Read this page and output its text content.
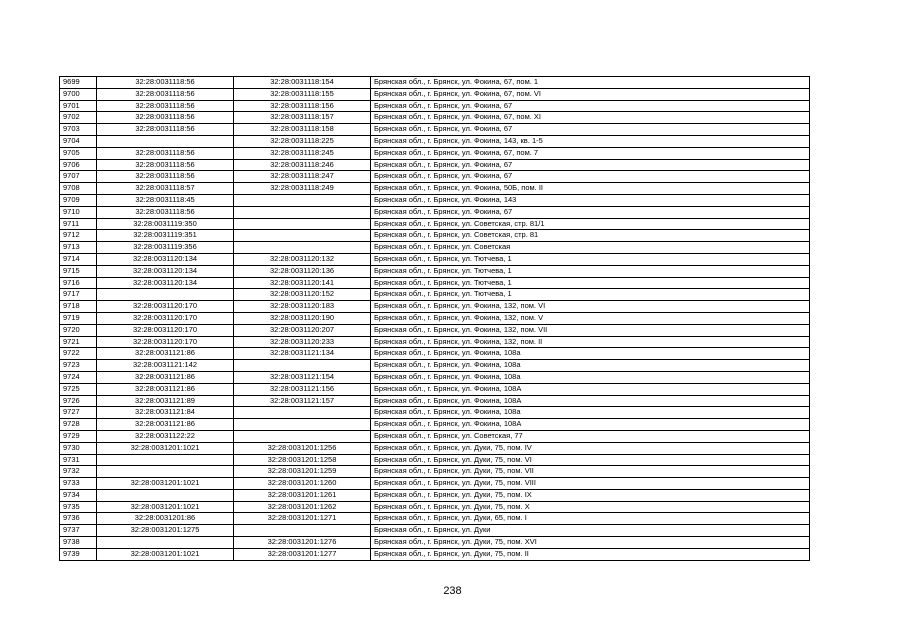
9699	32:28:0031118:56	32:28:0031118:154	Брянская обл., г. Брянск, ул. Фокина, 67, пом. 1
9700	32:28:0031118:56	32:28:0031118:155	Брянская обл., г. Брянск, ул. Фокина, 67, пом. VI
9701	32:28:0031118:56	32:28:0031118:156	Брянская обл., г. Брянск, ул. Фокина, 67
9702	32:28:0031118:56	32:28:0031118:157	Брянская обл., г. Брянск, ул. Фокина, 67, пом. XI
9703	32:28:0031118:56	32:28:0031118:158	Брянская обл., г. Брянск, ул. Фокина, 67
9704		32:28:0031118:225	Брянская обл., г. Брянск, ул. Фокина, 143, кв. 1-5
9705	32:28:0031118:56	32:28:0031118:245	Брянская обл., г. Брянск, ул. Фокина, 67, пом. 7
9706	32:28:0031118:56	32:28:0031118:246	Брянская обл., г. Брянск, ул. Фокина, 67
9707	32:28:0031118:56	32:28:0031118:247	Брянская обл., г. Брянск, ул. Фокина, 67
9708	32:28:0031118:57	32:28:0031118:249	Брянская обл., г. Брянск, ул. Фокина, 50Б, пом. II
9709	32:28:0031118:45		Брянская обл., г. Брянск, ул. Фокина, 143
9710	32:28:0031118:56		Брянская обл., г. Брянск, ул. Фокина, 67
9711	32:28:0031119:350		Брянская обл., г. Брянск, ул. Советская, стр. 81/1
9712	32:28:0031119:351		Брянская обл., г. Брянск, ул. Советская, стр. 81
9713	32:28:0031119:356		Брянская обл., г. Брянск, ул. Советская
9714	32:28:0031120:134	32:28:0031120:132	Брянская обл., г. Брянск, ул. Тютчева, 1
9715	32:28:0031120:134	32:28:0031120:136	Брянская обл., г. Брянск, ул. Тютчева, 1
9716	32:28:0031120:134	32:28:0031120:141	Брянская обл., г. Брянск, ул. Тютчева, 1
9717		32:28:0031120:152	Брянская обл., г. Брянск, ул. Тютчева, 1
9718	32:28:0031120:170	32:28:0031120:183	Брянская обл., г. Брянск, ул. Фокина, 132, пом. VI
9719	32:28:0031120:170	32:28:0031120:190	Брянская обл., г. Брянск, ул. Фокина, 132, пом. V
9720	32:28:0031120:170	32:28:0031120:207	Брянская обл., г. Брянск, ул. Фокина, 132, пом. VII
9721	32:28:0031120:170	32:28:0031120:233	Брянская обл., г. Брянск, ул. Фокина, 132, пом. II
9722	32:28:0031121:86	32:28:0031121:134	Брянская обл., г. Брянск, ул. Фокина, 108а
9723	32:28:0031121:142		Брянская обл., г. Брянск, ул. Фокина, 108а
9724	32:28:0031121:86	32:28:0031121:154	Брянская обл., г. Брянск, ул. Фокина, 108а
9725	32:28:0031121:86	32:28:0031121:156	Брянская обл., г. Брянск, ул. Фокина, 108А
9726	32:28:0031121:89	32:28:0031121:157	Брянская обл., г. Брянск, ул. Фокина, 108А
9727	32:28:0031121:84		Брянская обл., г. Брянск, ул. Фокина, 108а
9728	32:28:0031121:86		Брянская обл., г. Брянск, ул. Фокина, 108А
9729	32:28:0031122:22		Брянская обл., г. Брянск, ул. Советская, 77
9730	32:28:0031201:1021	32:28:0031201:1256	Брянская обл., г. Брянск, ул. Дуки, 75, пом. IV
9731		32:28:0031201:1258	Брянская обл., г. Брянск, ул. Дуки, 75, пом. VI
9732		32:28:0031201:1259	Брянская обл., г. Брянск, ул. Дуки, 75, пом. VII
9733	32:28:0031201:1021	32:28:0031201:1260	Брянская обл., г. Брянск, ул. Дуки, 75, пом. VIII
9734		32:28:0031201:1261	Брянская обл., г. Брянск, ул. Дуки, 75, пом. IX
9735	32:28:0031201:1021	32:28:0031201:1262	Брянская обл., г. Брянск, ул. Дуки, 75, пом. X
9736	32:28:0031201:86	32:28:0031201:1271	Брянская обл., г. Брянск, ул. Дуки, 65, пом. I
9737	32:28:0031201:1275		Брянская обл., г. Брянск, ул. Дуки
9738		32:28:0031201:1276	Брянская обл., г. Брянск, ул. Дуки, 75, пом. XVI
9739	32:28:0031201:1021	32:28:0031201:1277	Брянская обл., г. Брянск, ул. Дуки, 75, пом. II
238
